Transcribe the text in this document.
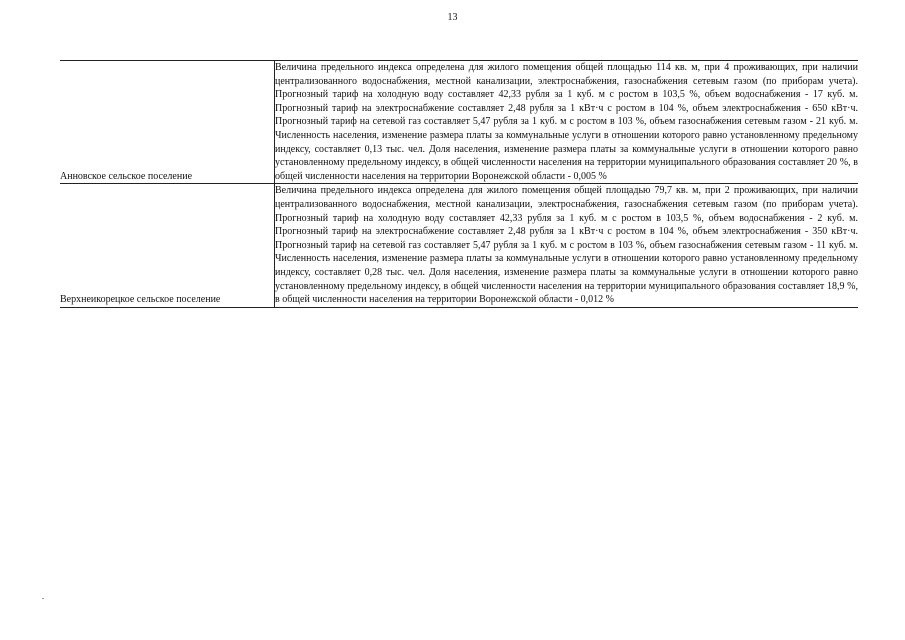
13
Анновское сельское поселение	Величина предельного индекса определена для жилого помещения общей площадью 114 кв. м, при 4 проживающих, при наличии централизованного водоснабжения, местной канализации, электроснабжения, газоснабжения сетевым газом (по приборам учета). Прогнозный тариф на холодную воду составляет 42,33 рубля за 1 куб. м с ростом в 103,5 %, объем водоснабжения - 17 куб. м. Прогнозный тариф на электроснабжение составляет 2,48 рубля за 1 кВт·ч с ростом в 104 %, объем электроснабжения - 650 кВт·ч. Прогнозный тариф на сетевой газ составляет 5,47 рубля за 1 куб. м с ростом в 103 %, объем газоснабжения сетевым газом - 21 куб. м. Численность населения, изменение размера платы за коммунальные услуги в отношении которого равно установленному предельному индексу, составляет 0,13 тыс. чел. Доля населения, изменение размера платы за коммунальные услуги в отношении которого равно установленному предельному индексу, в общей численности населения на территории муниципального образования составляет 20 %, в общей численности населения на территории Воронежской области - 0,005 %
Верхнеикорецкое сельское поселение	Величина предельного индекса определена для жилого помещения общей площадью 79,7 кв. м, при 2 проживающих, при наличии централизованного водоснабжения, местной канализации, электроснабжения, газоснабжения сетевым газом (по приборам учета). Прогнозный тариф на холодную воду составляет 42,33 рубля за 1 куб. м с ростом в 103,5 %, объем водоснабжения - 2 куб. м. Прогнозный тариф на электроснабжение составляет 2,48 рубля за 1 кВт·ч с ростом в 104 %, объем электроснабжения - 350 кВт·ч. Прогнозный тариф на сетевой газ составляет 5,47 рубля за 1 куб. м с ростом в 103 %, объем газоснабжения сетевым газом - 11 куб. м. Численность населения, изменение размера платы за коммунальные услуги в отношении которого равно установленному предельному индексу, составляет 0,28 тыс. чел. Доля населения, изменение размера платы за коммунальные услуги в отношении которого равно установленному предельному индексу, в общей численности населения на территории муниципального образования составляет 18,9 %, в общей численности населения на территории Воронежской области - 0,012 %
